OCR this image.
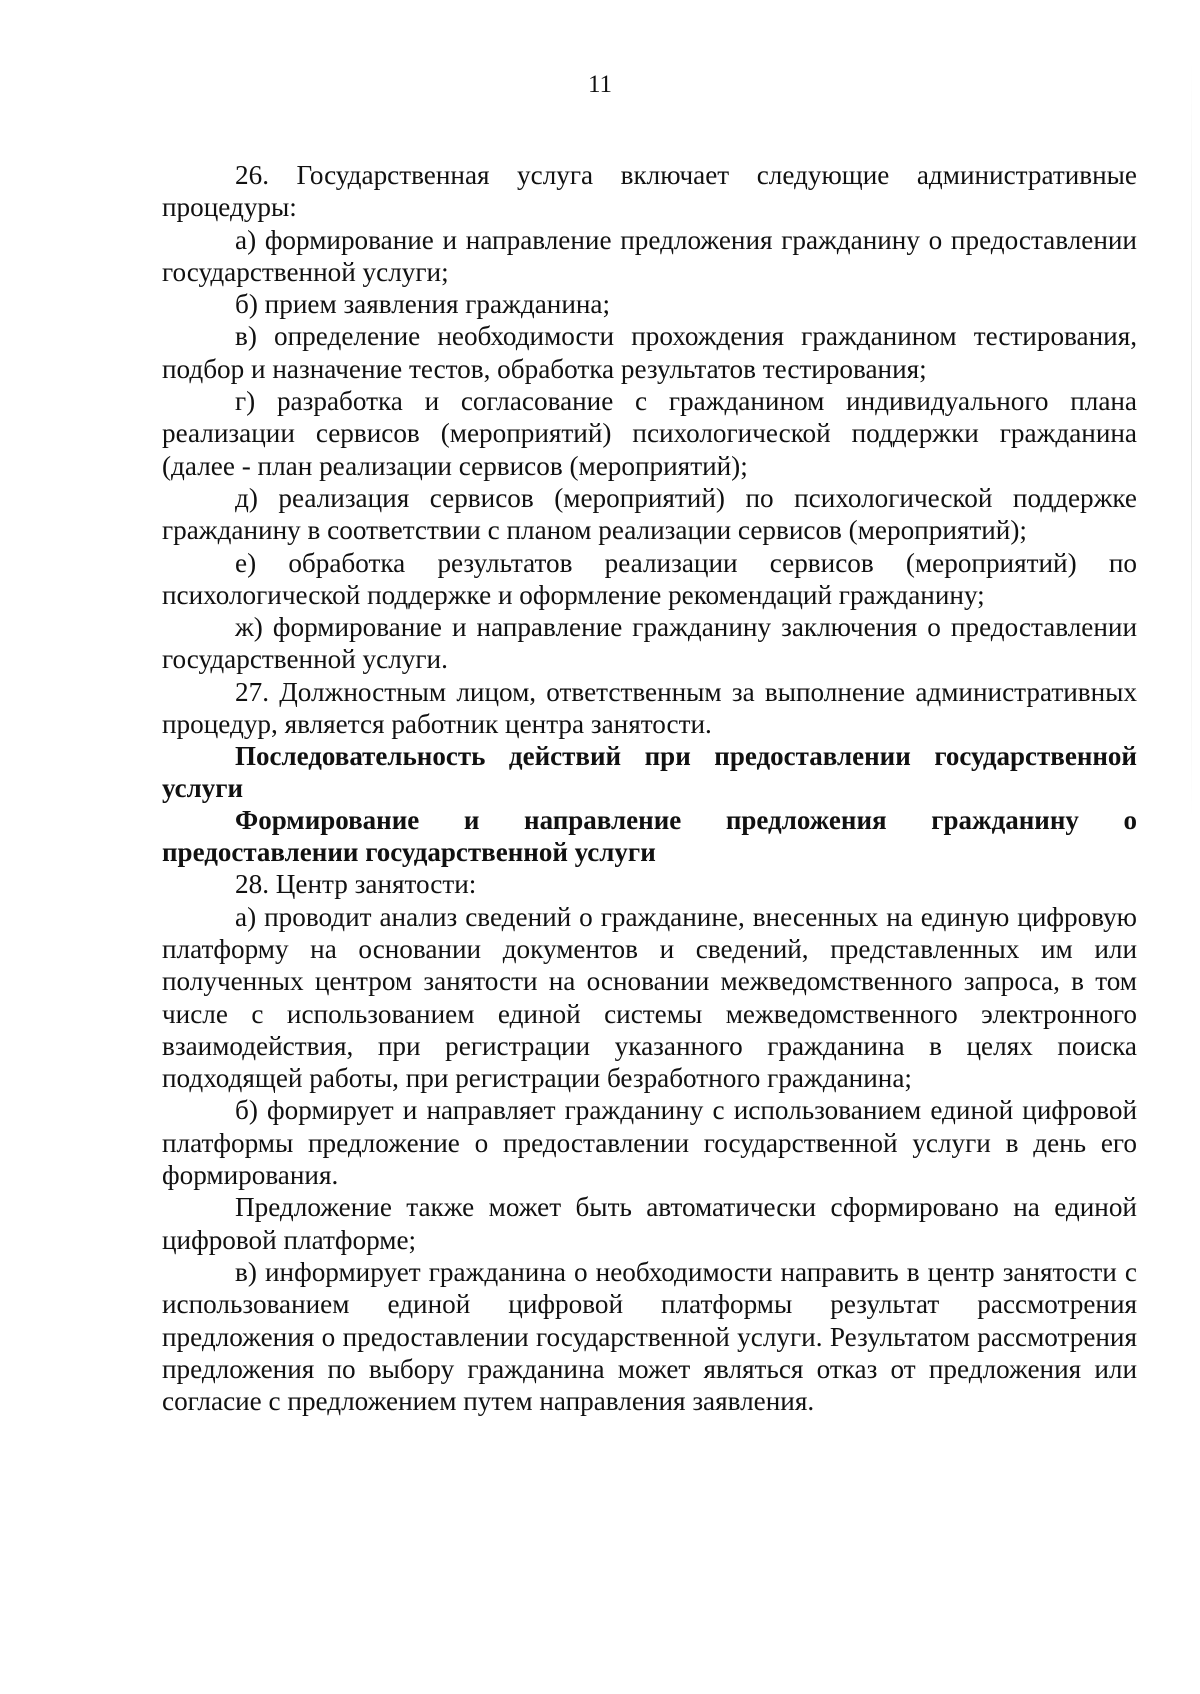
11

26. Государственная услуга включает следующие административные процедуры:

а) формирование и направление предложения гражданину о предоставлении государственной услуги;

б) прием заявления гражданина;

в) определение необходимости прохождения гражданином тестирования, подбор и назначение тестов, обработка результатов тестирования;

г) разработка и согласование с гражданином индивидуального плана реализации сервисов (мероприятий) психологической поддержки гражданина (далее - план реализации сервисов (мероприятий);

д) реализация сервисов (мероприятий) по психологической поддержке гражданину в соответствии с планом реализации сервисов (мероприятий);

е) обработка результатов реализации сервисов (мероприятий) по психологической поддержке и оформление рекомендаций гражданину;

ж) формирование и направление гражданину заключения о предоставлении государственной услуги.

27. Должностным лицом, ответственным за выполнение административных процедур, является работник центра занятости.

Последовательность действий при предоставлении государственной услуги

Формирование и направление предложения гражданину о предоставлении государственной услуги

28. Центр занятости:

а) проводит анализ сведений о гражданине, внесенных на единую цифровую платформу на основании документов и сведений, представленных им или полученных центром занятости на основании межведомственного запроса, в том числе с использованием единой системы межведомственного электронного взаимодействия, при регистрации указанного гражданина в целях поиска подходящей работы, при регистрации безработного гражданина;

б) формирует и направляет гражданину с использованием единой цифровой платформы предложение о предоставлении государственной услуги в день его формирования.

Предложение также может быть автоматически сформировано на единой цифровой платформе;

в) информирует гражданина о необходимости направить в центр занятости с использованием единой цифровой платформы результат рассмотрения предложения о предоставлении государственной услуги. Результатом рассмотрения предложения по выбору гражданина может являться отказ от предложения или согласие с предложением путем направления заявления.
